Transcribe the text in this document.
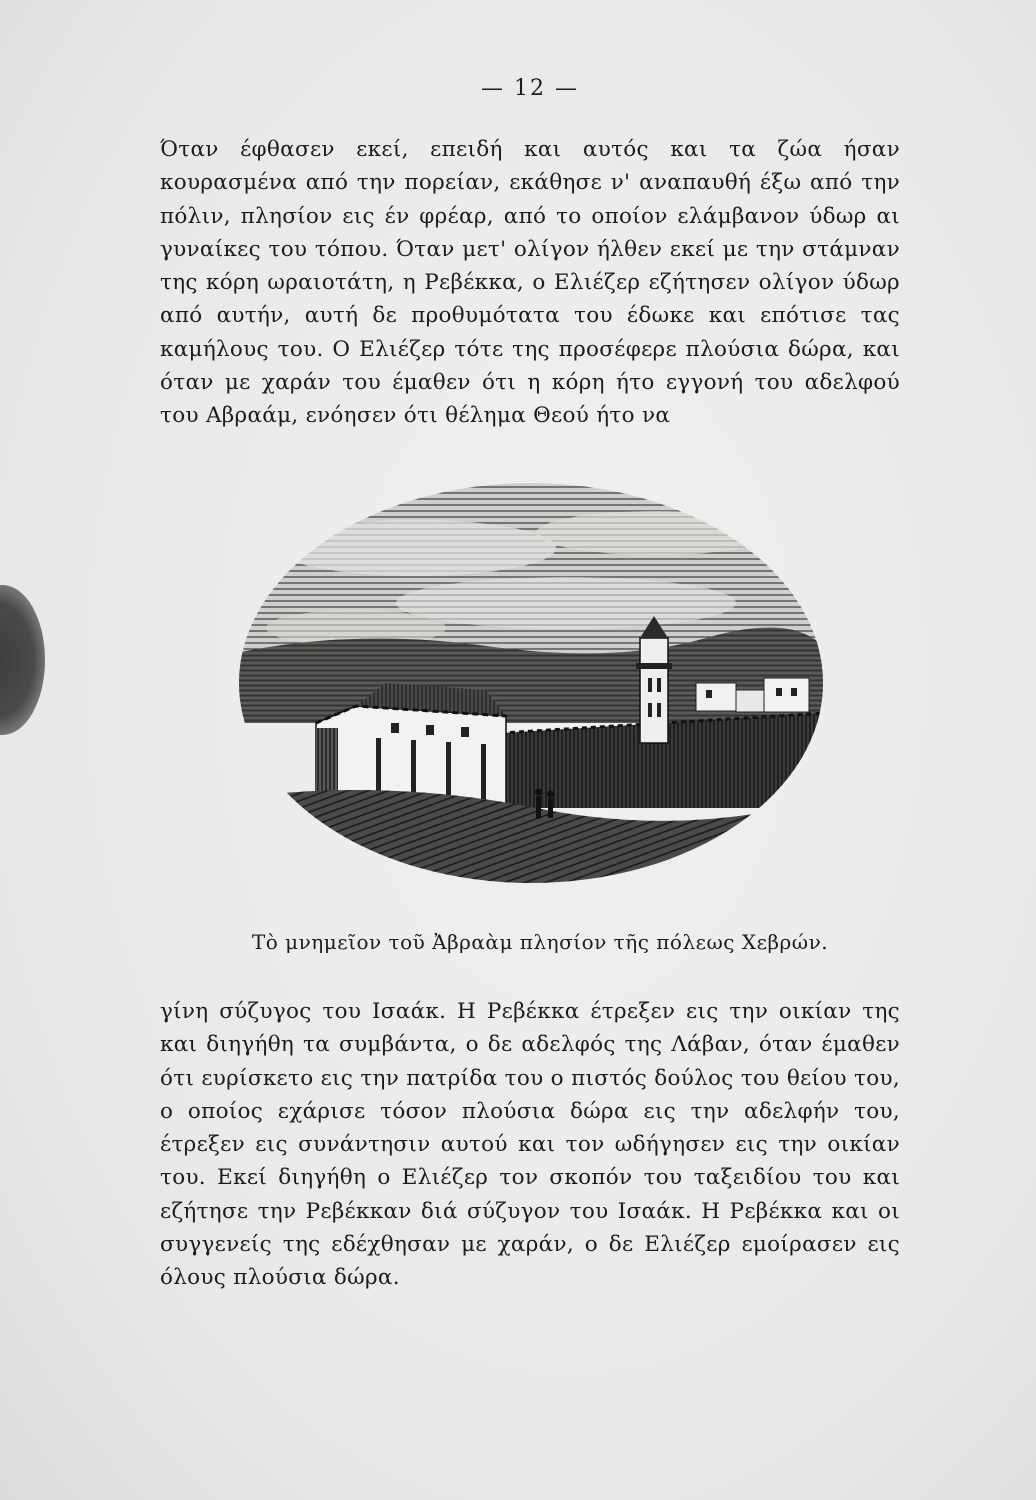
— 12 —

Όταν έφθασεν εκεί, επειδή και αυτός και τα ζώα ήσαν κουρασμένα από την πορείαν, εκάθησε ν' αναπαυθή έξω από την πόλιν, πλησίον εις έν φρέαρ, από το οποίον ελάμβανον ύδωρ αι γυναίκες του τόπου. Όταν μετ' ολίγον ήλθεν εκεί με την στάμναν της κόρη ωραιοτάτη, η Ρεβέκκα, ο Ελιέζερ εζήτησεν ολίγον ύδωρ από αυτήν, αυτή δε προθυμότατα του έδωκε και επότισε τας καμήλους του. Ο Ελιέζερ τότε της προσέφερε πλούσια δώρα, και όταν με χαράν του έμαθεν ότι η κόρη ήτο εγγονή του αδελφού του Αβραάμ, ενόησεν ότι θέλημα Θεού ήτο να

Τὸ μνημεῖον τοῦ Ἀβραὰμ πλησίον τῆς πόλεως Χεβρών.

γίνη σύζυγος του Ισαάκ. Η Ρεβέκκα έτρεξεν εις την οικίαν της και διηγήθη τα συμβάντα, ο δε αδελφός της Λάβαν, όταν έμαθεν ότι ευρίσκετο εις την πατρίδα του ο πιστός δούλος του θείου του, ο οποίος εχάρισε τόσον πλούσια δώρα εις την αδελφήν του, έτρεξεν εις συνάντησιν αυτού και τον ωδήγησεν εις την οικίαν του. Εκεί διηγήθη ο Ελιέζερ τον σκοπόν του ταξειδίου του και εζήτησε την Ρεβέκκαν διά σύζυγον του Ισαάκ. Η Ρεβέκκα και οι συγγενείς της εδέχθησαν με χαράν, ο δε Ελιέζερ εμοίρασεν εις όλους πλούσια δώρα.
